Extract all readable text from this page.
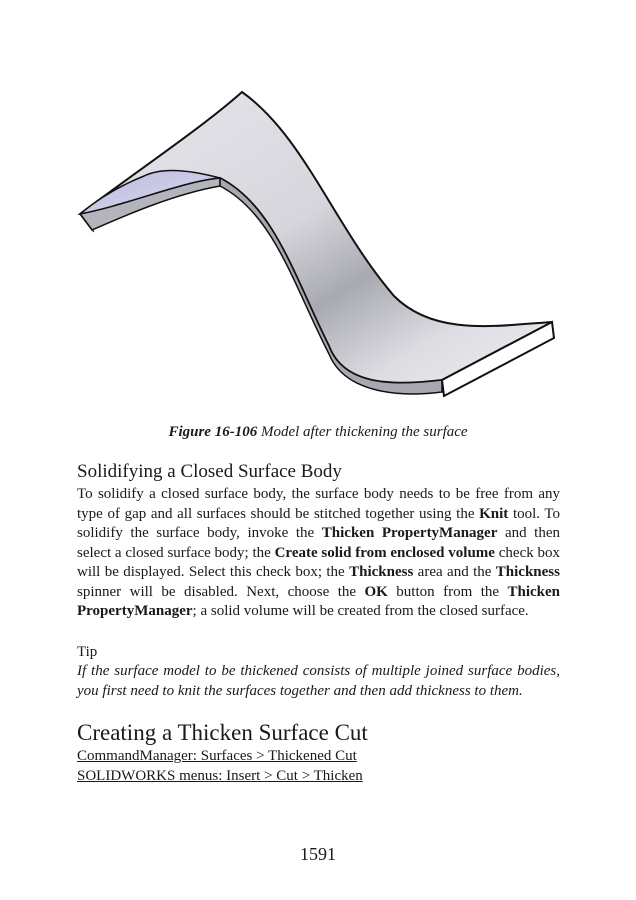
Figure 16-106 Model after thickening the surface
Solidifying a Closed Surface Body

To solidify a closed surface body, the surface body needs to be free from any type of gap and all surfaces should be stitched together using the Knit tool. To solidify the surface body, invoke the Thicken PropertyManager and then select a closed surface body; the Create solid from enclosed volume check box will be displayed. Select this check box; the Thickness area and the Thickness spinner will be disabled. Next, choose the OK button from the Thicken PropertyManager; a solid volume will be created from the closed surface.

Tip

If the surface model to be thickened consists of multiple joined surface bodies, you first need to knit the surfaces together and then add thickness to them.

Creating a Thicken Surface Cut

CommandManager: Surfaces > Thickened Cut

SOLIDWORKS menus: Insert > Cut > Thicken

1591
